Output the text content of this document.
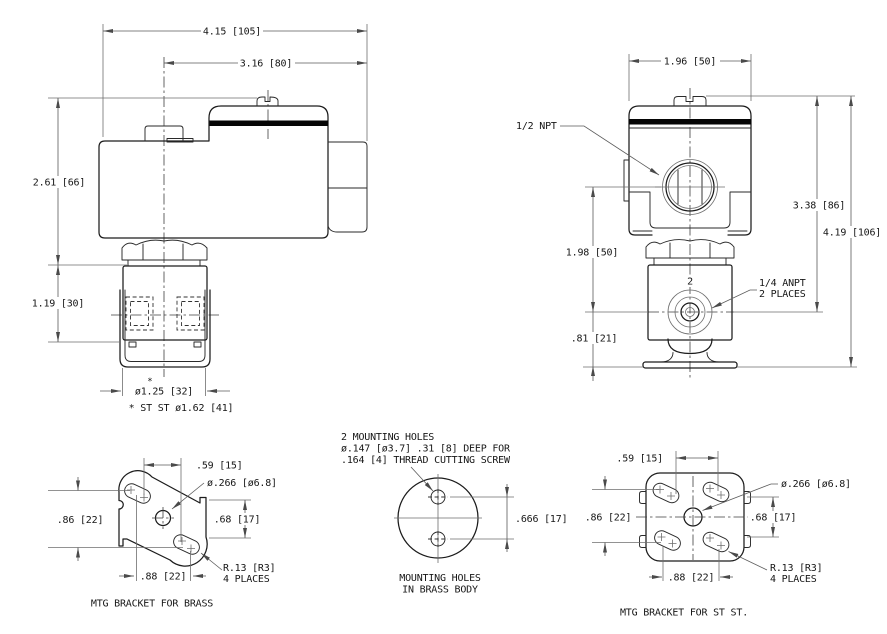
4.15 [105]
3.16 [80]
2.61 [66]
1.19 [30]
*
ø1.25 [32]
* ST ST ø1.62 [41]
1.96 [50]
1/2 NPT
3.38 [86]
4.19 [106]
1.98 [50]
.81 [21]
2	1/4 ANPT
2 PLACES
.59 [15]
ø.266 [ø6.8]
.86 [22]	.68 [17]
.88 [22]
R.13 [R3]
4 PLACES
MTG BRACKET FOR BRASS
2 MOUNTING HOLES
ø.147 [ø3.7] .31 [8] DEEP FOR
.164 [4] THREAD CUTTING SCREW
.666 [17]
MOUNTING HOLES
IN BRASS BODY
.59 [15]
ø.266 [ø6.8]
.86 [22]	.68 [17]
.88 [22]
R.13 [R3]
4 PLACES
MTG BRACKET FOR ST ST.
